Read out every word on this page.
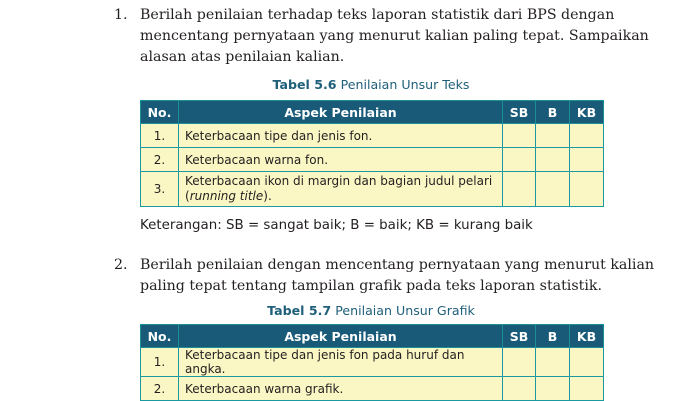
1. Berilah penilaian terhadap teks laporan statistik dari BPS dengan
mencentang pernyataan yang menurut kalian paling tepat. Sampaikan
alasan atas penilaian kalian.
Tabel 5.6 Penilaian Unsur Teks
No.	Aspek Penilaian	SB	B	KB
1.	Keterbacaan tipe dan jenis fon.			
2.	Keterbacaan warna fon.			
3.	Keterbacaan ikon di margin dan bagian judul pelari
(running title).			
Keterangan: SB = sangat baik; B = baik; KB = kurang baik
2. Berilah penilaian dengan mencentang pernyataan yang menurut kalian
paling tepat tentang tampilan grafik pada teks laporan statistik.
Tabel 5.7 Penilaian Unsur Grafik
No.	Aspek Penilaian	SB	B	KB
1.	Keterbacaan tipe dan jenis fon pada huruf dan angka.			
2.	Keterbacaan warna grafik.			
